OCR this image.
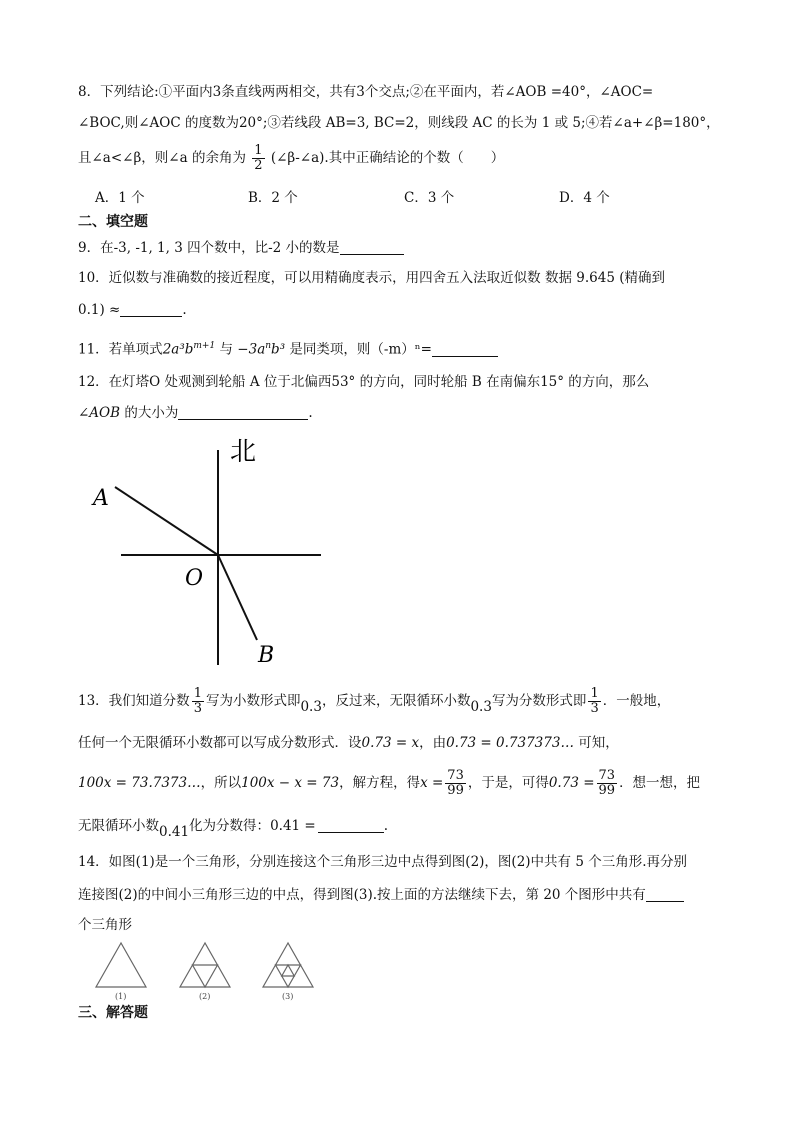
8．下列结论:①平面内3条直线两两相交，共有3个交点;②在平面内，若∠AOB =40°，∠AOC=
∠BOC,则∠AOC 的度数为20°;③若线段 AB=3, BC=2，则线段 AC 的长为 1 或 5;④若∠a+∠β=180°，
且∠a<∠β，则∠a 的余角为 $\frac{1}{2}$ (∠β-∠a).其中正确结论的个数（　　）
A．1 个	B．2 个	C．3 个	D．4 个
二、填空题
9．在-3, -1, 1, 3 四个数中，比-2 小的数是
10．近似数与准确数的接近程度，可以用精确度表示，用四舍五入法取近似数 数据 9.645 (精确到
0.1) ≈	.
11．若单项式$2a^3b^{m+1}$ 与 $-3a^nb^3$ 是同类项，则（-m）ⁿ=
12．在灯塔O 处观测到轮船 A 位于北偏西53° 的方向，同时轮船 B 在南偏东15° 的方向，那么
∠AOB 的大小为	.
北
A
O
B
13．我们知道分数 $\frac{1}{3}$ 写为小数形式即0.3，反过来，无限循环小数0.3写为分数形式即 $\frac{1}{3}$ ．一般地，
任何一个无限循环小数都可以写成分数形式．设0.73 = x，由0.73 = 0.737373… 可知，
100x = 73.7373…，所以100x − x = 73，解方程，得$x = \frac{73}{99}$ ，于是，可得$0.73 = \frac{73}{99}$ ．想一想，把
无限循环小数0.41化为分数得：0.41 =	.
14．如图(1)是一个三角形，分别连接这个三角形三边中点得到图(2)，图(2)中共有 5 个三角形.再分别
连接图(2)的中间小三角形三边的中点，得到图(3).按上面的方法继续下去，第 20 个图形中共有
个三角形
(1)	(2)	(3)
三、解答题
